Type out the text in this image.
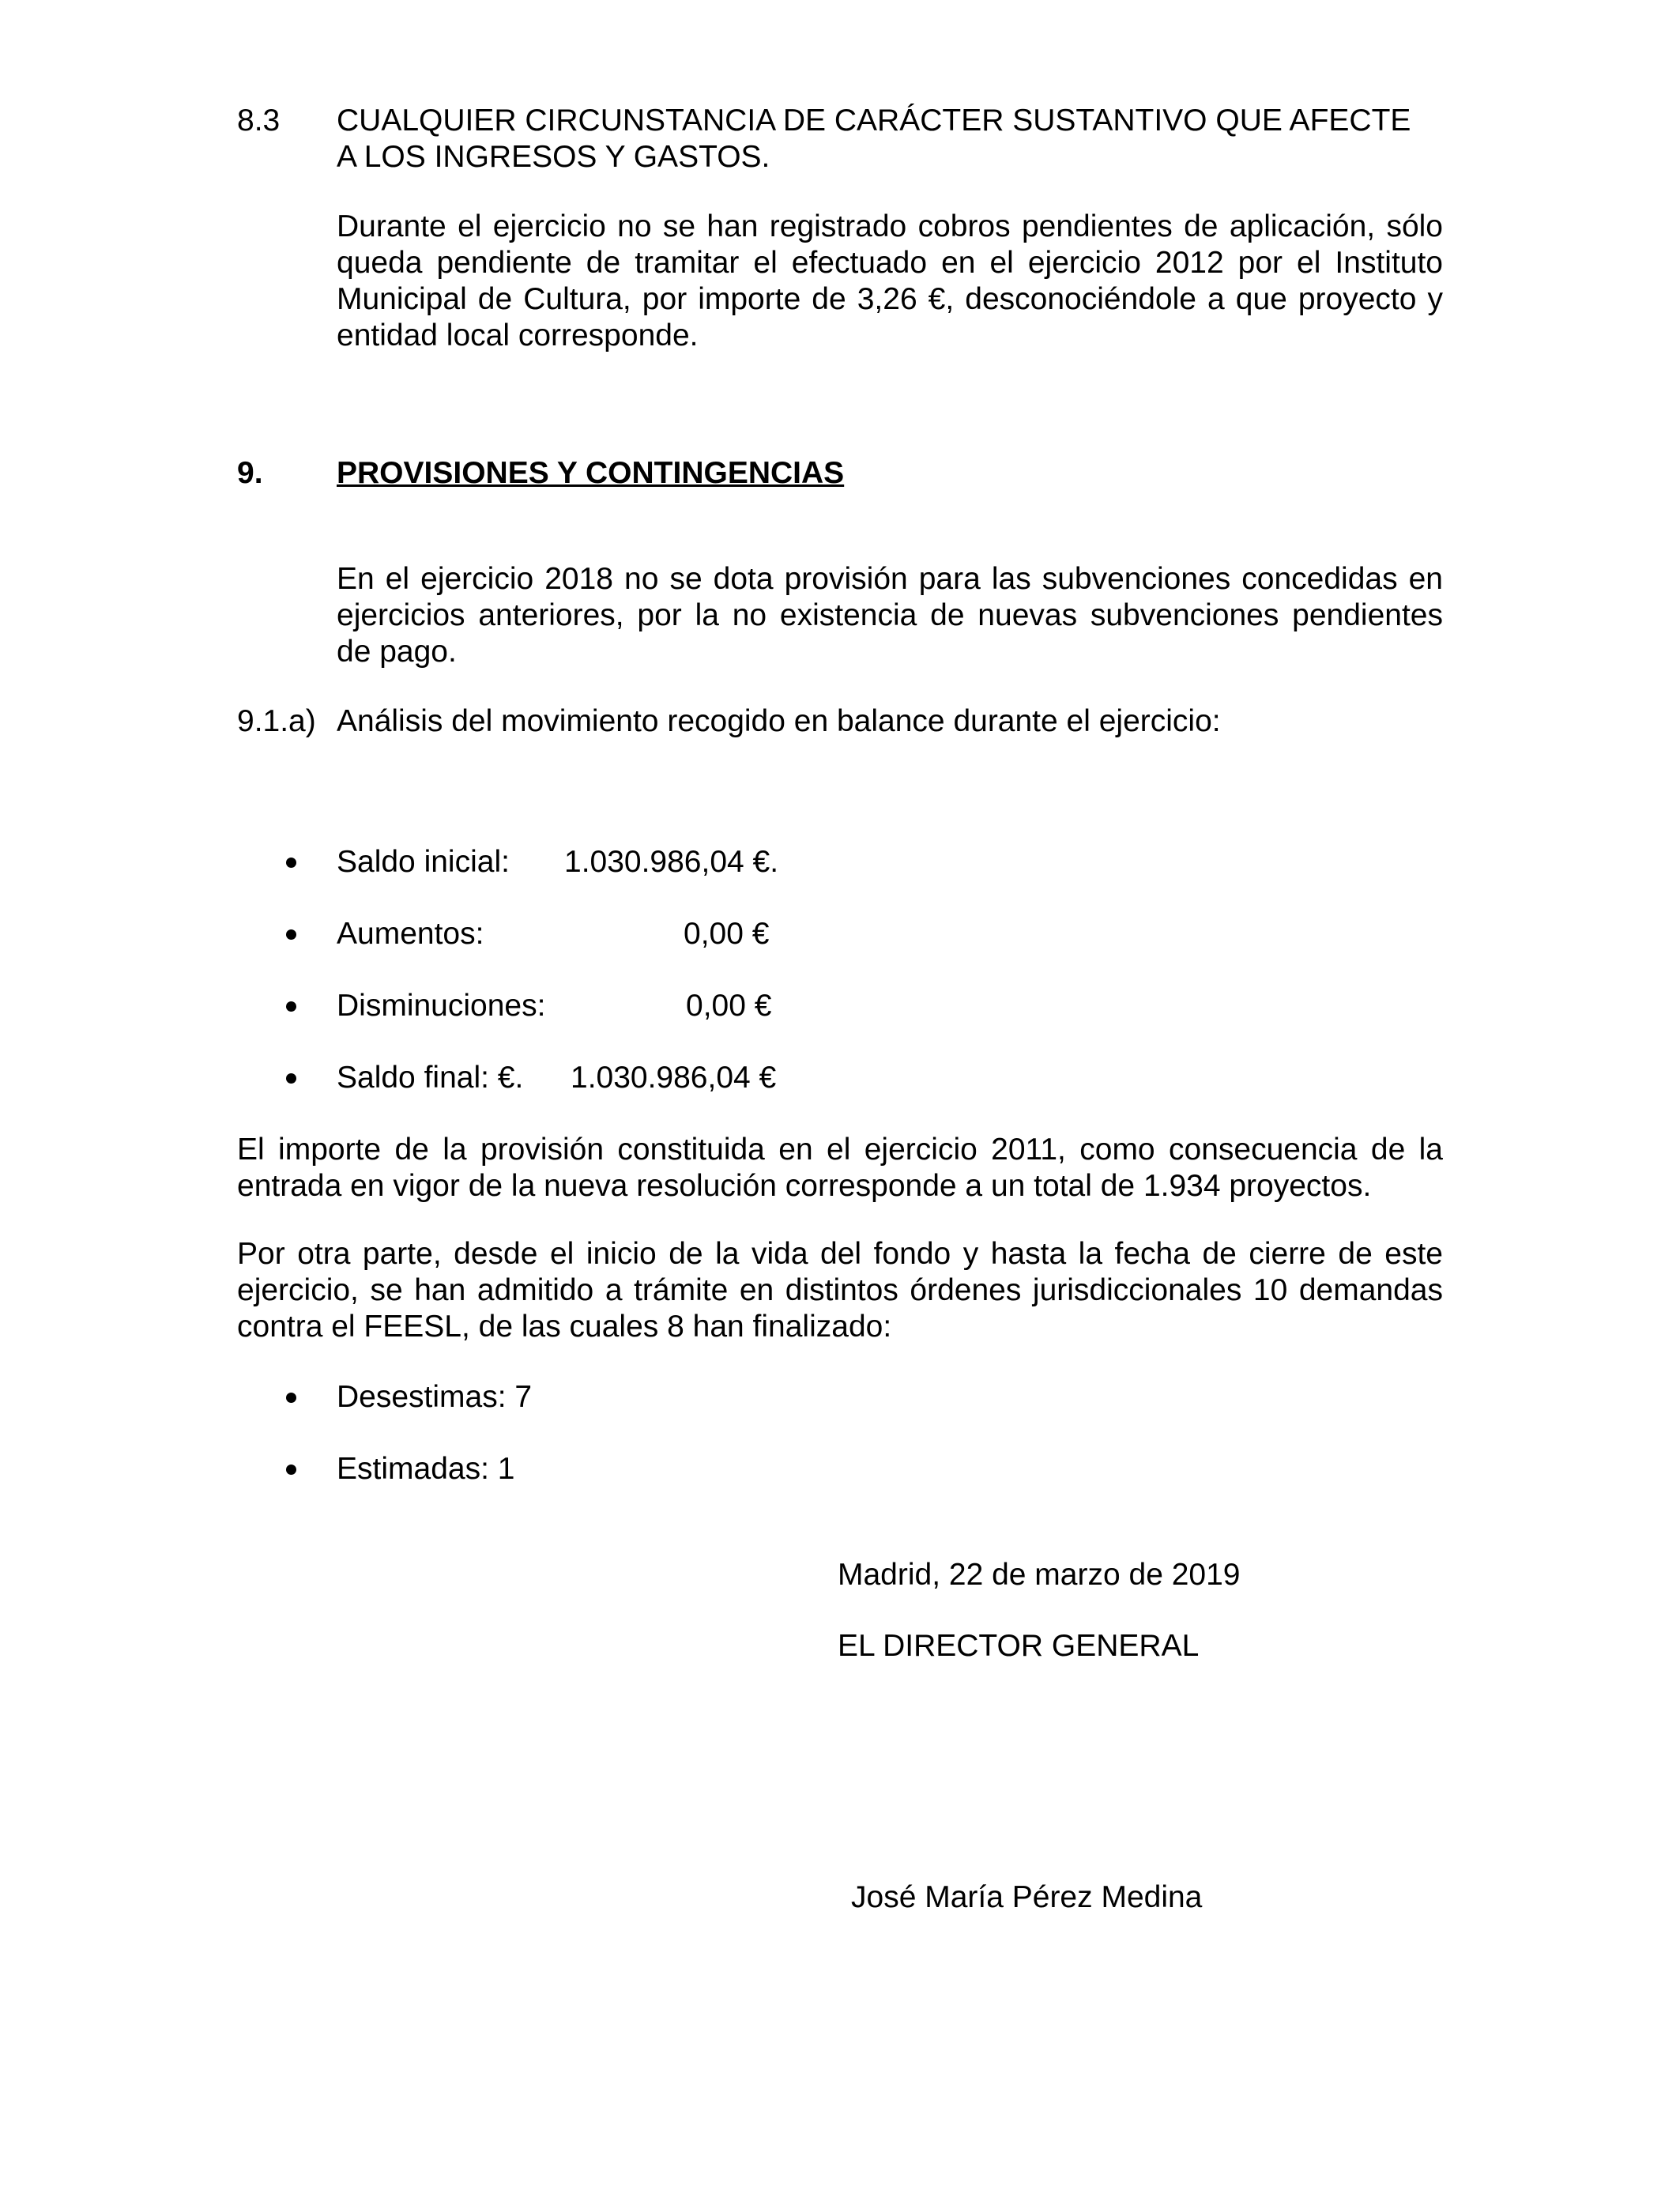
8.3 CUALQUIER CIRCUNSTANCIA DE CARÁCTER SUSTANTIVO QUE AFECTE
A LOS INGRESOS Y GASTOS.
Durante el ejercicio no se han registrado cobros pendientes de aplicación, sólo queda pendiente de tramitar el efectuado en el ejercicio 2012 por el Instituto Municipal de Cultura, por importe de 3,26 €, desconociéndole a que proyecto y entidad local corresponde.
9. PROVISIONES Y CONTINGENCIAS
En el ejercicio 2018 no se dota provisión para las subvenciones concedidas en ejercicios anteriores, por la no existencia de nuevas subvenciones pendientes de pago.
9.1.a) Análisis del movimiento recogido en balance durante el ejercicio:
Saldo inicial: 1.030.986,04 €.
Aumentos:	0,00 €
Disminuciones:	0,00 €
Saldo final: €. 1.030.986,04 €
El importe de la provisión constituida en el ejercicio 2011, como consecuencia de la entrada en vigor de la nueva resolución corresponde a un total de 1.934 proyectos.
Por otra parte, desde el inicio de la vida del fondo y hasta la fecha de cierre de este ejercicio, se han admitido a trámite en distintos órdenes jurisdiccionales 10 demandas contra el FEESL, de las cuales 8 han finalizado:
Desestimas: 7
Estimadas: 1
Madrid, 22 de marzo de 2019
EL DIRECTOR GENERAL
José María Pérez Medina
